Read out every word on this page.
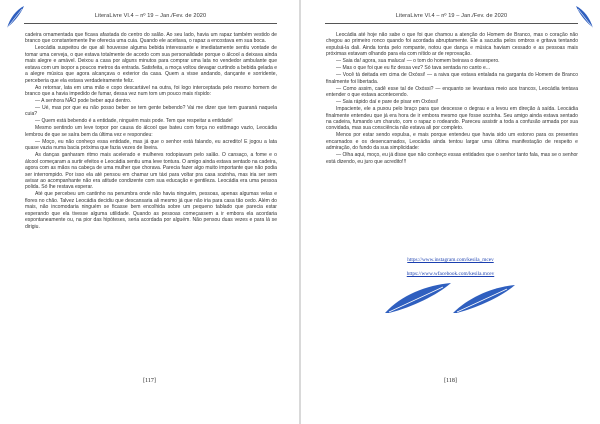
LiteraLivre Vl.4 – nº 19 – Jan./Fev. de 2020

cadeira ornamentada que ficava afastada do centro do salão. Ao seu lado, havia um rapaz também vestido de branco que constantemente lhe oferecia uma cuia. Quando ele aceitava, o rapaz a encostava em sua boca.

Leocádia suspeitou de que ali houvesse alguma bebida interessante e imediatamente sentiu vontade de tomar uma cerveja, o que estava totalmente de acordo com sua personalidade porque o álcool a deixava ainda mais alegre e amável. Deixou a casa por alguns minutos para comprar uma lata no vendedor ambulante que estava com um isopor a poucos metros da entrada. Satisfeita, a moça voltou devagar curtindo a bebida gelada e a alegre música que agora alcançava o exterior da casa. Quem a visse andando, dançante e sorridente, perceberia que ela estava verdadeiramente feliz.

Ao retornar, lata em uma mão e copo descartável na outra, foi logo interceptada pelo mesmo homem de branco que a havia impedido de fumar, dessa vez num tom um pouco mais ríspido:

— A senhora NÃO pode beber aqui dentro.

— Ué, mas por que eu não posso beber se tem gente bebendo? Vai me dizer que tem guaraná naquela cuia?

— Quem está bebendo é a entidade, ninguém mais pode. Tem que respeitar a entidade!

Mesmo sentindo um leve torpor por causa do álcool que bateu com força no estômago vazio, Leocádia lembrou de que se saíra bem da última vez e respondeu:

— Moço, eu não conheço essa entidade, mas já que o senhor está falando, eu acredito! E jogou a lata quase vazia numa bacia próxima que fazia vezes de lixeira.

As danças ganharam ritmo mais acelerado e mulheres rodopiavam pelo salão. O cansaço, a fome e o álcool começaram a surtir efeitos e Leocádia sentiu uma leve tontura. O amigo ainda estava sentado na cadeira, agora com as mãos na cabeça de uma mulher que chorava. Parecia fazer algo muito importante que não podia ser interrompido. Por isso ela até pensou em chamar um táxi para voltar pra casa sozinha, mas iria ser sem avisar ao acompanhante não era atitude condizente com sua educação e gentileza. Leocádia era uma pessoa polida. Só lhe restava esperar.

Até que percebeu um cantinho na penumbra onde não havia ninguém, pessoas, apenas algumas velas e flores no chão. Talvez Leocádia decidiu que descansaria ali mesmo já que não iria para casa tão cedo. Além do mais, não incomodaria ninguém se ficasse bem encolhida sobre um pequeno tablado que parecia estar esperando que ela tivesse alguma utilidade. Quando as pessoas começassem a ir embora ela acordaria espontaneamente ou, na pior das hipóteses, seria acordada por alguém. Não pensou duas vezes e para lá se dirigiu.

[117]
LiteraLivre Vl.4 – nº 19 – Jan./Fev. de 2020

Leocádia até hoje não sabe o que foi que chamou a atenção do Homem de Branco, mas o coração não chegou ao primeiro ronco quando foi acordada abruptamente. Ele a sacudia pelos ombros e gritava tentando expulsá-la dali. Ainda tonta pelo rompante, notou que dança e música haviam cessado e as pessoas mais próximas estavam olhando para ela com nítido ar de reprovação.

— Saia da! agora, sua maluca! — o tom do homem beirava o desespero.

— Mas o que foi que eu fiz dessa vez? Só tava sentada no canto e...

— Você tá deitada em cima de Oxóssi! — a raiva que estava entalada na garganta do Homem de Branco finalmente foi libertada.

— Como assim, cadê esse tal de Oxóssi? — enquanto se levantava meio aos trancos, Leocádia tentava entender o que estava acontecendo.

— Saia rápido daí e pare de pisar em Oxóssi!

Impaciente, ele a puxou pelo braço para que descesse o degrau e a levou em direção à saída. Leocádia finalmente entendeu que já era hora de ir embora mesmo que fosse sozinha. Seu amigo ainda estava sentado na cadeira, fumando um charuto, com o rapaz o rodeando. Pareceu assistir a toda a confusão armada por sua convidada, mas sua consciência não estava ali por completo.

Menos por estar sendo expulsa, e mais porque entendeu que havia sido um estorvo para os presentes encarnados e os desencarnados, Leocádia ainda tentou largar uma última manifestação de respeito e admiração, do fundo da sua simplicidade:

— Olha aqui, moço, eu já disse que não conheço essas entidades que o senhor tanto fala, mas se o senhor está dizendo, eu juro que acredito!!!

https://www.instagram.com/kesila_mcev
https://www.wfacebook.com/kesila.mcev
[118]
